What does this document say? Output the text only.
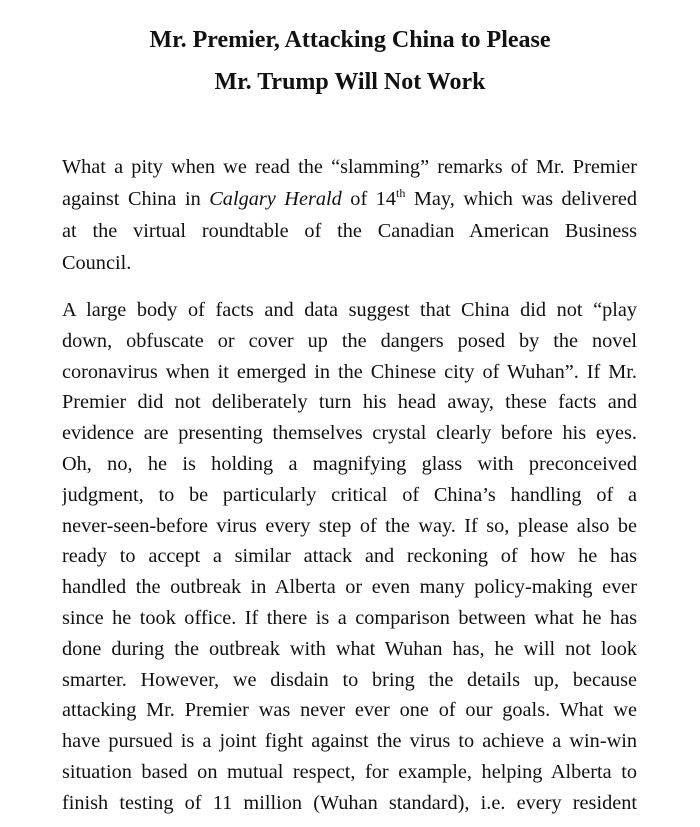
Mr. Premier, Attacking China to Please
Mr. Trump Will Not Work
What a pity when we read the “slamming” remarks of Mr. Premier
against China in Calgary Herald of 14th May, which was delivered
at the virtual roundtable of the Canadian American Business
Council.
A large body of facts and data suggest that China did not “play
down, obfuscate or cover up the dangers posed by the novel
coronavirus when it emerged in the Chinese city of Wuhan”. If Mr.
Premier did not deliberately turn his head away, these facts and
evidence are presenting themselves crystal clearly before his eyes.
Oh, no, he is holding a magnifying glass with preconceived
judgment, to be particularly critical of China’s handling of a
never-seen-before virus every step of the way. If so, please also be
ready to accept a similar attack and reckoning of how he has
handled the outbreak in Alberta or even many policy-making ever
since he took office. If there is a comparison between what he has
done during the outbreak with what Wuhan has, he will not look
smarter. However, we disdain to bring the details up, because
attacking Mr. Premier was never ever one of our goals. What we
have pursued is a joint fight against the virus to achieve a win-win
situation based on mutual respect, for example, helping Alberta to
finish testing of 11 million (Wuhan standard), i.e. every resident
